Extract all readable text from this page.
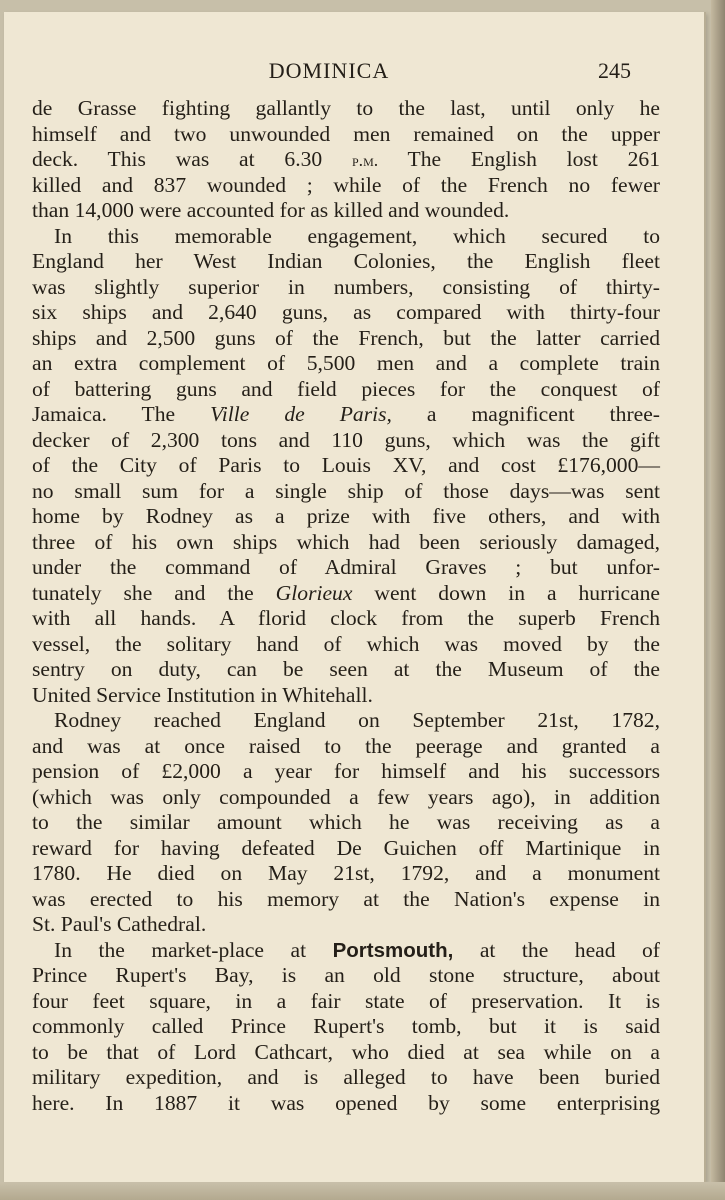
DOMINICA	245
de Grasse fighting gallantly to the last, until only he
himself and two unwounded men remained on the upper
deck. This was at 6.30 p.m. The English lost 261
killed and 837 wounded ; while of the French no fewer
than 14,000 were accounted for as killed and wounded.
In this memorable engagement, which secured to
England her West Indian Colonies, the English fleet
was slightly superior in numbers, consisting of thirty-
six ships and 2,640 guns, as compared with thirty-four
ships and 2,500 guns of the French, but the latter carried
an extra complement of 5,500 men and a complete train
of battering guns and field pieces for the conquest of
Jamaica. The Ville de Paris, a magnificent three-
decker of 2,300 tons and 110 guns, which was the gift
of the City of Paris to Louis XV, and cost £176,000—
no small sum for a single ship of those days—was sent
home by Rodney as a prize with five others, and with
three of his own ships which had been seriously damaged,
under the command of Admiral Graves ; but unfor-
tunately she and the Glorieux went down in a hurricane
with all hands. A florid clock from the superb French
vessel, the solitary hand of which was moved by the
sentry on duty, can be seen at the Museum of the
United Service Institution in Whitehall.
Rodney reached England on September 21st, 1782,
and was at once raised to the peerage and granted a
pension of £2,000 a year for himself and his successors
(which was only compounded a few years ago), in addition
to the similar amount which he was receiving as a
reward for having defeated De Guichen off Martinique in
1780. He died on May 21st, 1792, and a monument
was erected to his memory at the Nation's expense in
St. Paul's Cathedral.
In the market-place at Portsmouth, at the head of
Prince Rupert's Bay, is an old stone structure, about
four feet square, in a fair state of preservation. It is
commonly called Prince Rupert's tomb, but it is said
to be that of Lord Cathcart, who died at sea while on a
military expedition, and is alleged to have been buried
here. In 1887 it was opened by some enterprising
